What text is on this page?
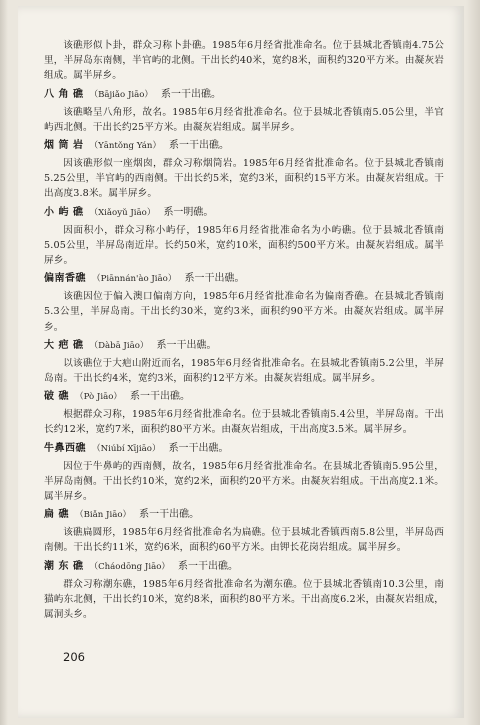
该礁形似卜卦，群众习称卜卦礁。1985年6月经省批准命名。位于县城北香镇南4.75公里，半屏岛东南侧，半官屿的北侧。干出长约40米，宽约8米，面积约320平方米。由凝灰岩组成。属半屏乡。

八 角 礁 （Bājiǎo Jiāo） 系一干出礁。

该礁略呈八角形，故名。1985年6月经省批准命名。位于县城北香镇南5.05公里，半官屿西北侧。干出长约25平方米。由凝灰岩组成。属半屏乡。

烟 筒 岩 （Yāntǒng Yán） 系一干出礁。

因该礁形似一座烟囱，群众习称烟筒岩。1985年6月经省批准命名。位于县城北香镇南5.25公里，半官屿的西南侧。干出长约5米，宽约3米，面积约15平方米。由凝灰岩组成。干出高度3.8米。属半屏乡。

小 屿 礁 （Xiǎoyǔ Jiāo） 系一明礁。

因面积小，群众习称小屿仔，1985年6月经省批准命名为小屿礁。位于县城北香镇南5.05公里，半屏岛南近岸。长约50米，宽约10米，面积约500平方米。由凝灰岩组成。属半屏乡。

偏南香礁 （Piānnán'ào Jiāo） 系一干出礁。

该礁因位于偏入澳口偏南方向，1985年6月经省批准命名为偏南香礁。在县城北香镇南5.3公里，半屏岛南。干出长约30米，宽约3米，面积约90平方米。由凝灰岩组成。属半屏乡。

大 疤 礁 （Dàbā Jiāo） 系一干出礁。

以该礁位于大疤山附近而名，1985年6月经省批准命名。在县城北香镇南5.2公里，半屏岛南。干出长约4米，宽约3米，面积约12平方米。由凝灰岩组成。属半屏乡。

破 礁 （Pò Jiāo） 系一干出礁。

根据群众习称，1985年6月经省批准命名。位于县城北香镇南5.4公里，半屏岛南。干出长约12米，宽约7米，面积约80平方米。由凝灰岩组成，干出高度3.5米。属半屏乡。

牛鼻西礁 （Niúbí Xījiāo） 系一干出礁。

因位于牛鼻屿的西南侧，故名，1985年6月经省批准命名。在县城北香镇南5.95公里，半屏岛南侧。干出长约10米，宽约2米，面积约20平方米。由凝灰岩组成。干出高度2.1米。属半屏乡。

扁 礁 （Biǎn Jiāo） 系一干出礁。

该礁扁圆形，1985年6月经省批准命名为扁礁。位于县城北香镇西南5.8公里，半屏岛西南侧。干出长约11米，宽约6米，面积约60平方米。由钾长花岗岩组成。属半屏乡。

潮 东 礁 （Cháodōng Jiāo） 系一干出礁。

群众习称潮东礁，1985年6月经省批准命名为潮东礁。位于县城北香镇南10.3公里，南猫屿东北侧，干出长约10米，宽约8米，面积约80平方米。干出高度6.2米，由凝灰岩组成，属洞头乡。

206
